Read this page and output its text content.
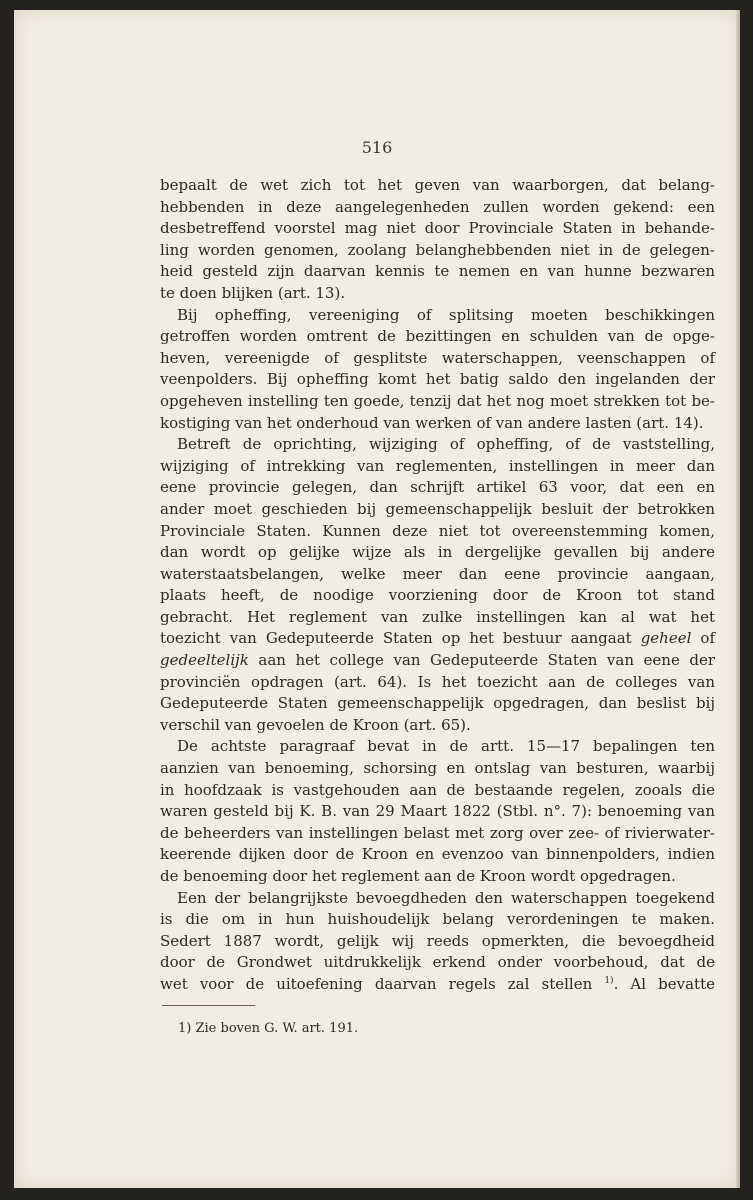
516
bepaalt de wet zich tot het geven van waarborgen, dat belang-
hebbenden in deze aangelegenheden zullen worden gekend: een
desbetreffend voorstel mag niet door Provinciale Staten in behande-
ling worden genomen, zoolang belanghebbenden niet in de gelegen-
heid gesteld zijn daarvan kennis te nemen en van hunne bezwaren
te doen blijken (art. 13).
Bij opheffing, vereeniging of splitsing moeten beschikkingen
getroffen worden omtrent de bezittingen en schulden van de opge-
heven, vereenigde of gesplitste waterschappen, veenschappen of
veenpolders. Bij opheffing komt het batig saldo den ingelanden der
opgeheven instelling ten goede, tenzij dat het nog moet strekken tot be-
kostiging van het onderhoud van werken of van andere lasten (art. 14).
Betreft de oprichting, wijziging of opheffing, of de vaststelling,
wijziging of intrekking van reglementen, instellingen in meer dan
eene provincie gelegen, dan schrijft artikel 63 voor, dat een en
ander moet geschieden bij gemeenschappelijk besluit der betrokken
Provinciale Staten. Kunnen deze niet tot overeenstemming komen,
dan wordt op gelijke wijze als in dergelijke gevallen bij andere
waterstaatsbelangen, welke meer dan eene provincie aangaan,
plaats heeft, de noodige voorziening door de Kroon tot stand
gebracht. Het reglement van zulke instellingen kan al wat het
toezicht van Gedeputeerde Staten op het bestuur aangaat geheel of
gedeeltelijk aan het college van Gedeputeerde Staten van eene der
provinciën opdragen (art. 64). Is het toezicht aan de colleges van
Gedeputeerde Staten gemeenschappelijk opgedragen, dan beslist bij
verschil van gevoelen de Kroon (art. 65).
De achtste paragraaf bevat in de artt. 15—17 bepalingen ten
aanzien van benoeming, schorsing en ontslag van besturen, waarbij
in hoofdzaak is vastgehouden aan de bestaande regelen, zooals die
waren gesteld bij K. B. van 29 Maart 1822 (Stbl. n°. 7): benoeming van
de beheerders van instellingen belast met zorg over zee- of rivierwater-
keerende dijken door de Kroon en evenzoo van binnenpolders, indien
de benoeming door het reglement aan de Kroon wordt opgedragen.
Een der belangrijkste bevoegdheden den waterschappen toegekend
is die om in hun huishoudelijk belang verordeningen te maken.
Sedert 1887 wordt, gelijk wij reeds opmerkten, die bevoegdheid
door de Grondwet uitdrukkelijk erkend onder voorbehoud, dat de
wet voor de uitoefening daarvan regels zal stellen $^{1)}$. Al bevatte
1) Zie boven G. W. art. 191.
